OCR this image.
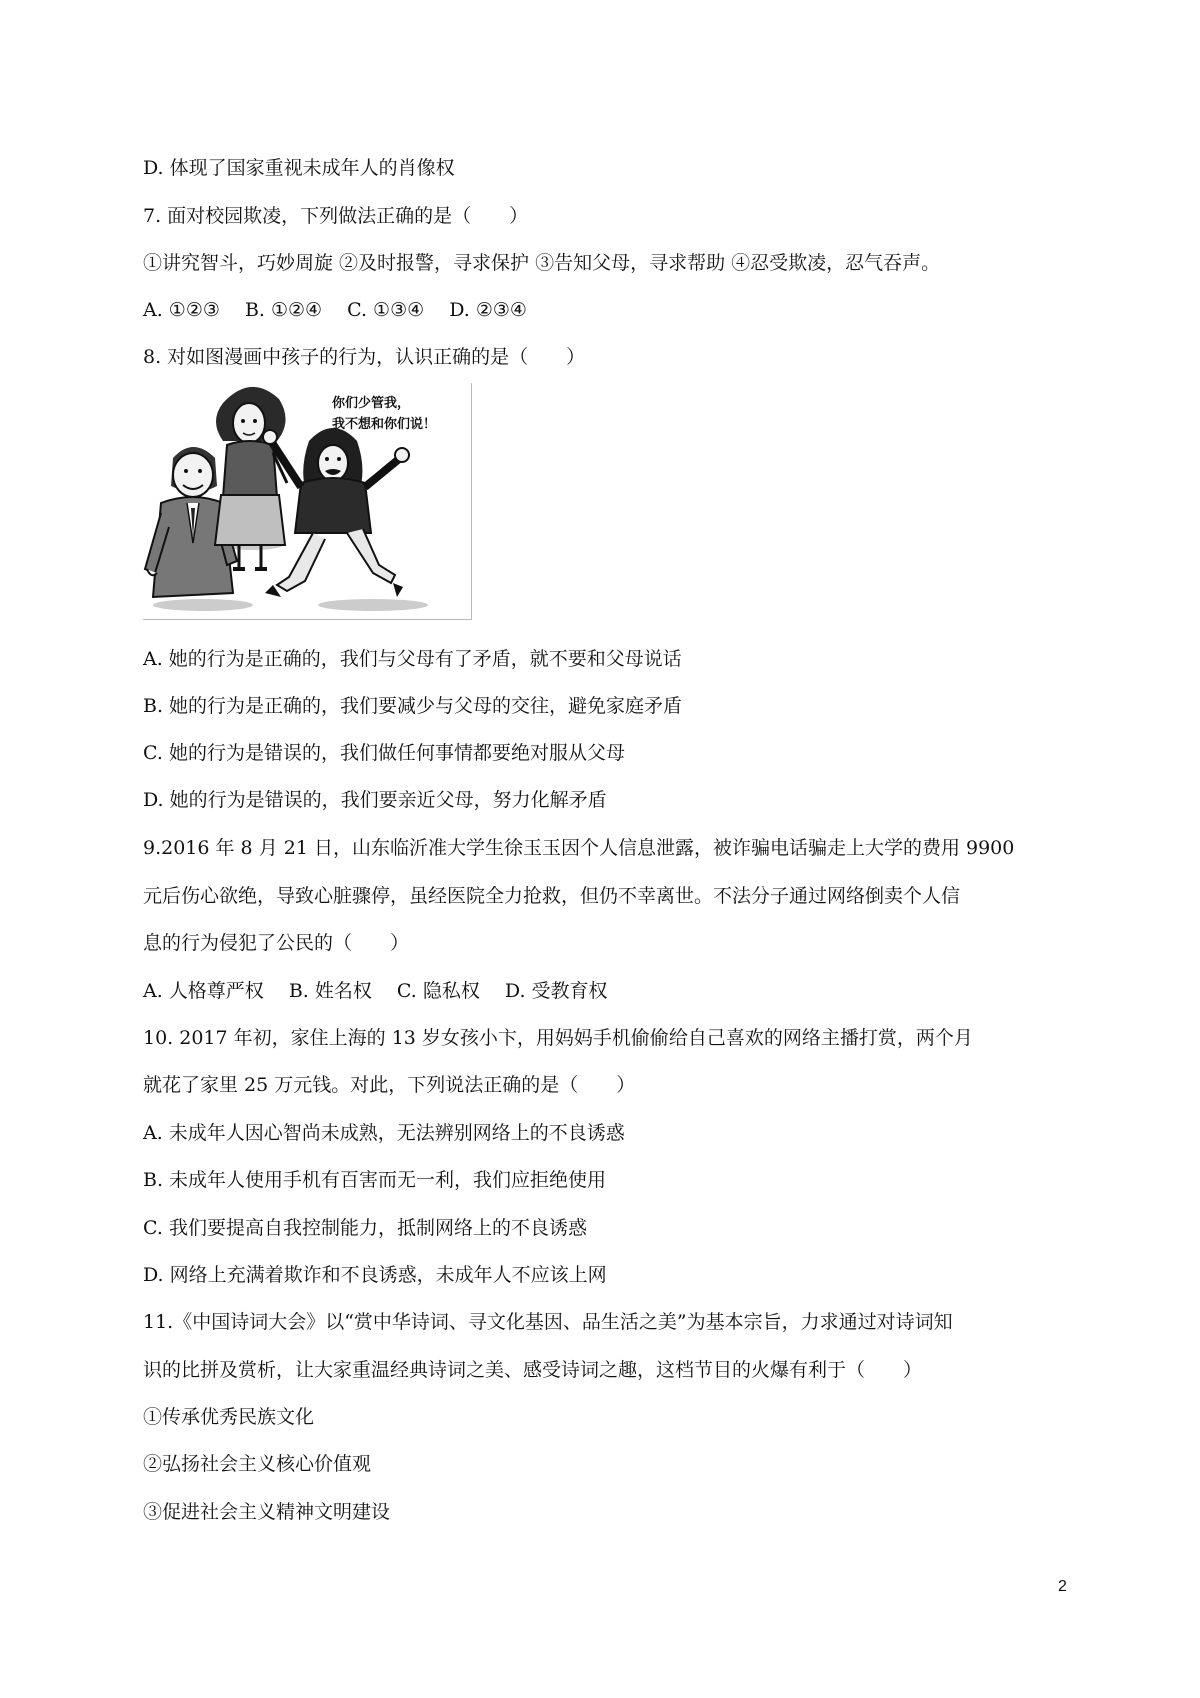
D. 体现了国家重视未成年人的肖像权
7. 面对校园欺凌，下列做法正确的是（　　）
①讲究智斗，巧妙周旋 ②及时报警，寻求保护 ③告知父母，寻求帮助 ④忍受欺凌，忍气吞声。
A. ①②③　 B. ①②④　 C. ①③④　 D. ②③④
8. 对如图漫画中孩子的行为，认识正确的是（　　）
你们少管我，
我不想和你们说！
A. 她的行为是正确的，我们与父母有了矛盾，就不要和父母说话
B. 她的行为是正确的，我们要减少与父母的交往，避免家庭矛盾
C. 她的行为是错误的，我们做任何事情都要绝对服从父母
D. 她的行为是错误的，我们要亲近父母，努力化解矛盾
9.2016 年 8 月 21 日，山东临沂准大学生徐玉玉因个人信息泄露，被诈骗电话骗走上大学的费用 9900
元后伤心欲绝，导致心脏骤停，虽经医院全力抢救，但仍不幸离世。不法分子通过网络倒卖个人信
息的行为侵犯了公民的（　　）
A. 人格尊严权　 B. 姓名权　 C. 隐私权　 D. 受教育权
10. 2017 年初，家住上海的 13 岁女孩小卞，用妈妈手机偷偷给自己喜欢的网络主播打赏，两个月
就花了家里 25 万元钱。对此，下列说法正确的是（　　）
A. 未成年人因心智尚未成熟，无法辨别网络上的不良诱惑
B. 未成年人使用手机有百害而无一利，我们应拒绝使用
C. 我们要提高自我控制能力，抵制网络上的不良诱惑
D. 网络上充满着欺诈和不良诱惑，未成年人不应该上网
11.《中国诗词大会》以“赏中华诗词、寻文化基因、品生活之美”为基本宗旨，力求通过对诗词知
识的比拼及赏析，让大家重温经典诗词之美、感受诗词之趣，这档节目的火爆有利于（　　）
①传承优秀民族文化
②弘扬社会主义核心价值观
③促进社会主义精神文明建设
2
